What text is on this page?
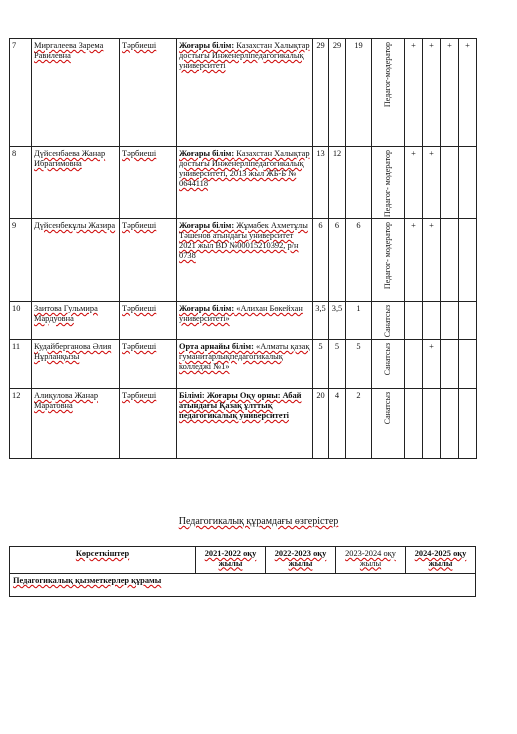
7	Миргалеева Зарема Равилевна	Тәрбиеші	Жоғары білім: Казахстан Халықтар достығы Инженерліпедагогикалық университеті	29	29	19	Педагог-модератор	+	+	+	+
8	Дүйсенбаева Жанар Ибрагимовна	Тәрбиеші	Жоғары білім: Казахстан Халықтар достығы Инженерліпедагогикалық университеті, 2013 жыл ЖБ-Б № 0644118	13	12		Педагог- модератор	+	+		
9	Дүйсенбекұлы Жазира	Тәрбиеші	Жоғары білім: Жұмабек Ахметұлы Тәшенов атындағы университет 2021 жыл BD №00015210392, р/н 0738	6	6	6	Педагог- модератор	+	+		
10	Заитова Гульмира Мардуовна	Тәрбиеші	Жоғары білім: «Алихан Бөкейхан университеті»	3,5	3,5	1	Санатсыз				

11	Кудайберганова Әлия Нұрланқызы	Тәрбиеші	Орта арнайы білім: «Алматы қазақ гуманитарлықпедагогикалық колледжі №1»	5	5	5	Санатсыз		+		
12	Алиқулова Жанар Маратовна	Тәрбиеші	Білімі: Жоғары Оқу орны: Абай атындағы Қазақ ұлттық педагогикалық университеті	20	4	2	Санатсыз				

Педагогикалық құрамдағы өзгерістер
Көрсеткіштер	2021-2022 оқу жылы	2022-2023 оқу жылы	2023-2024 оқу жылы	2024-2025 оқу жылы
Педагогикалық қызметкерлер құрамы
